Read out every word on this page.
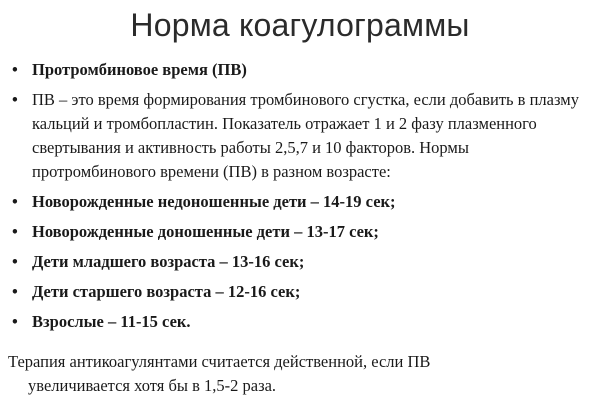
Норма коагулограммы
• Протромбиновое время (ПВ)
• ПВ – это время формирования тромбинового сгустка, если добавить в плазму кальций и тромбопластин. Показатель отражает 1 и 2 фазу плазменного свертывания и активность работы 2,5,7 и 10 факторов. Нормы протромбинового времени (ПВ) в разном возрасте:
• Новорожденные недоношенные дети – 14-19 сек;
• Новорожденные доношенные дети – 13-17 сек;
• Дети младшего возраста – 13-16 сек;
• Дети старшего возраста – 12-16 сек;
• Взрослые – 11-15 сек.

Терапия антикоагулянтами считается действенной, если ПВ
увеличивается хотя бы в 1,5-2 раза.
